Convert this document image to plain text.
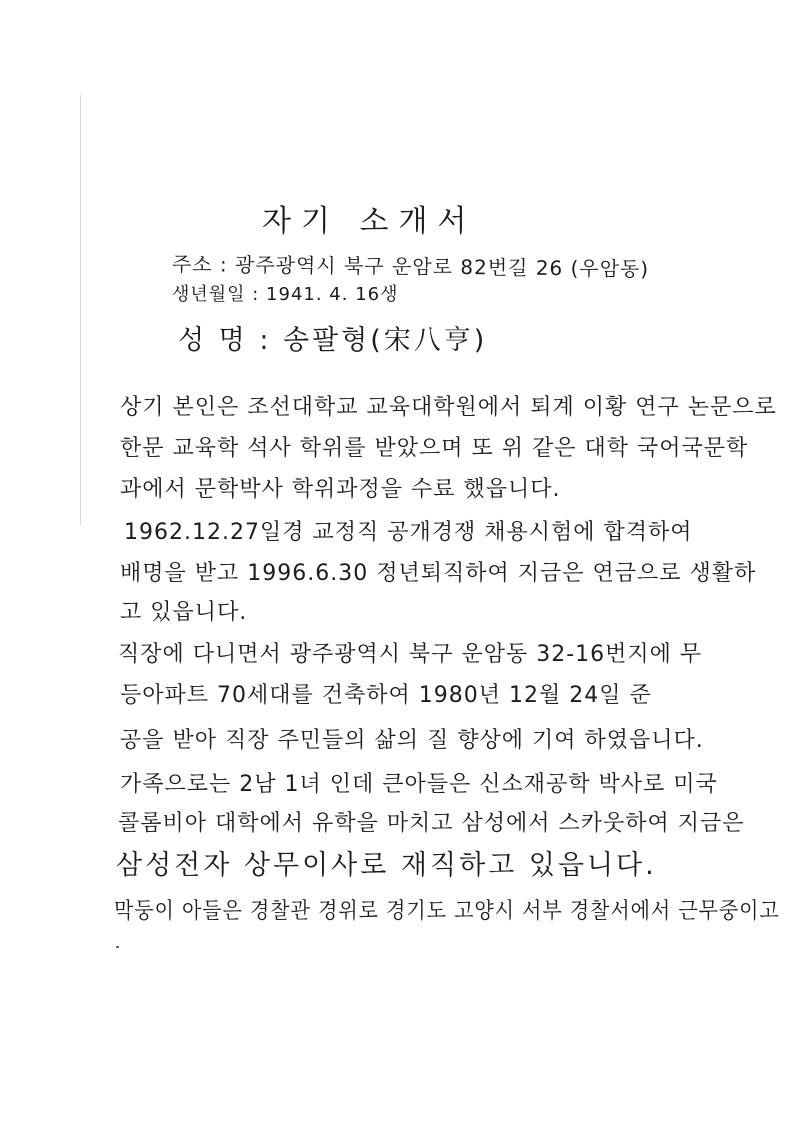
자기 소개서
주소 : 광주광역시 북구 운암로 82번길 26 (우암동)
생년월일 : 1941. 4. 16생
성 명 : 송팔형(宋八亨)
상기 본인은 조선대학교 교육대학원에서 퇴계 이황 연구 논문으로
한문 교육학 석사 학위를 받았으며 또 위 같은 대학 국어국문학
과에서 문학박사 학위과정을 수료 했읍니다.
1962.12.27일경 교정직 공개경쟁 채용시험에 합격하여
배명을 받고 1996.6.30 정년퇴직하여 지금은 연금으로 생활하
고 있읍니다.
직장에 다니면서 광주광역시 북구 운암동 32-16번지에 무
등아파트 70세대를 건축하여 1980년 12월 24일 준
공을 받아 직장 주민들의 삶의 질 향상에 기여 하였읍니다.
가족으로는 2남 1녀 인데 큰아들은 신소재공학 박사로 미국
콜롬비아 대학에서 유학을 마치고 삼성에서 스카웃하여 지금은
삼성전자 상무이사로 재직하고 있읍니다.
막둥이 아들은 경찰관 경위로 경기도 고양시 서부 경찰서에서 근무중이고
